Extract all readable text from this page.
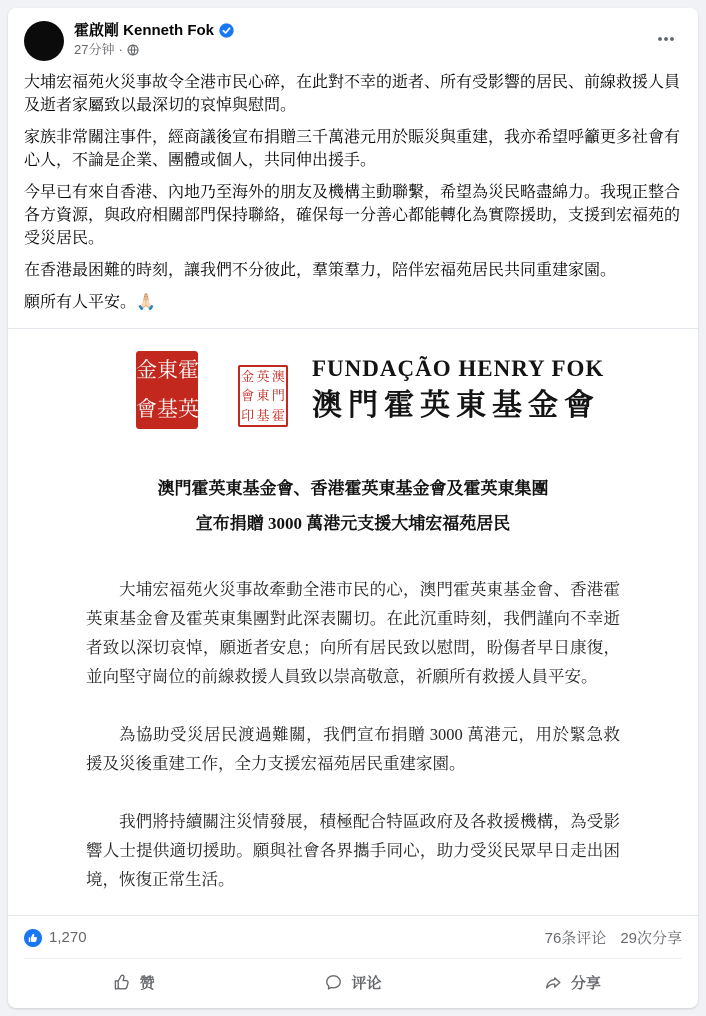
霍啟剛 Kenneth Fok
27分钟 ·

大埔宏福苑火災事故令全港市民心碎，在此對不幸的逝者、所有受影響的居民、前線救援人員及逝者家屬致以最深切的哀悼與慰問。

家族非常關注事件，經商議後宣布捐贈三千萬港元用於賑災與重建，我亦希望呼籲更多社會有心人，不論是企業、團體或個人，共同伸出援手。

今早已有來自香港、內地乃至海外的朋友及機構主動聯繫，希望為災民略盡綿力。我現正整合各方資源，與政府相關部門保持聯絡，確保每一分善心都能轉化為實際援助，支援到宏福苑的受災居民。

在香港最困難的時刻，讓我們不分彼此，羣策羣力，陪伴宏福苑居民共同重建家園。

願所有人平安。🙏🏻

金 東 霍
會 基 英
金 英 澳
會 東 門
印 基 霍
FUNDAÇÃO HENRY FOK
澳門霍英東基金會
澳門霍英東基金會、香港霍英東基金會及霍英東集團
宣布捐贈 3000 萬港元支援大埔宏福苑居民

大埔宏福苑火災事故牽動全港市民的心，澳門霍英東基金會、香港霍英東基金會及霍英東集團對此深表關切。在此沉重時刻，我們謹向不幸逝者致以深切哀悼，願逝者安息；向所有居民致以慰問，盼傷者早日康復，並向堅守崗位的前線救援人員致以崇高敬意，祈願所有救援人員平安。

為協助受災居民渡過難關，我們宣布捐贈 3000 萬港元，用於緊急救援及災後重建工作，全力支援宏福苑居民重建家園。

我們將持續關注災情發展，積極配合特區政府及各救援機構，為受影響人士提供適切援助。願與社會各界攜手同心，助力受災民眾早日走出困境，恢復正常生活。

1,270	76条评论 29次分享
赞	评论	分享
